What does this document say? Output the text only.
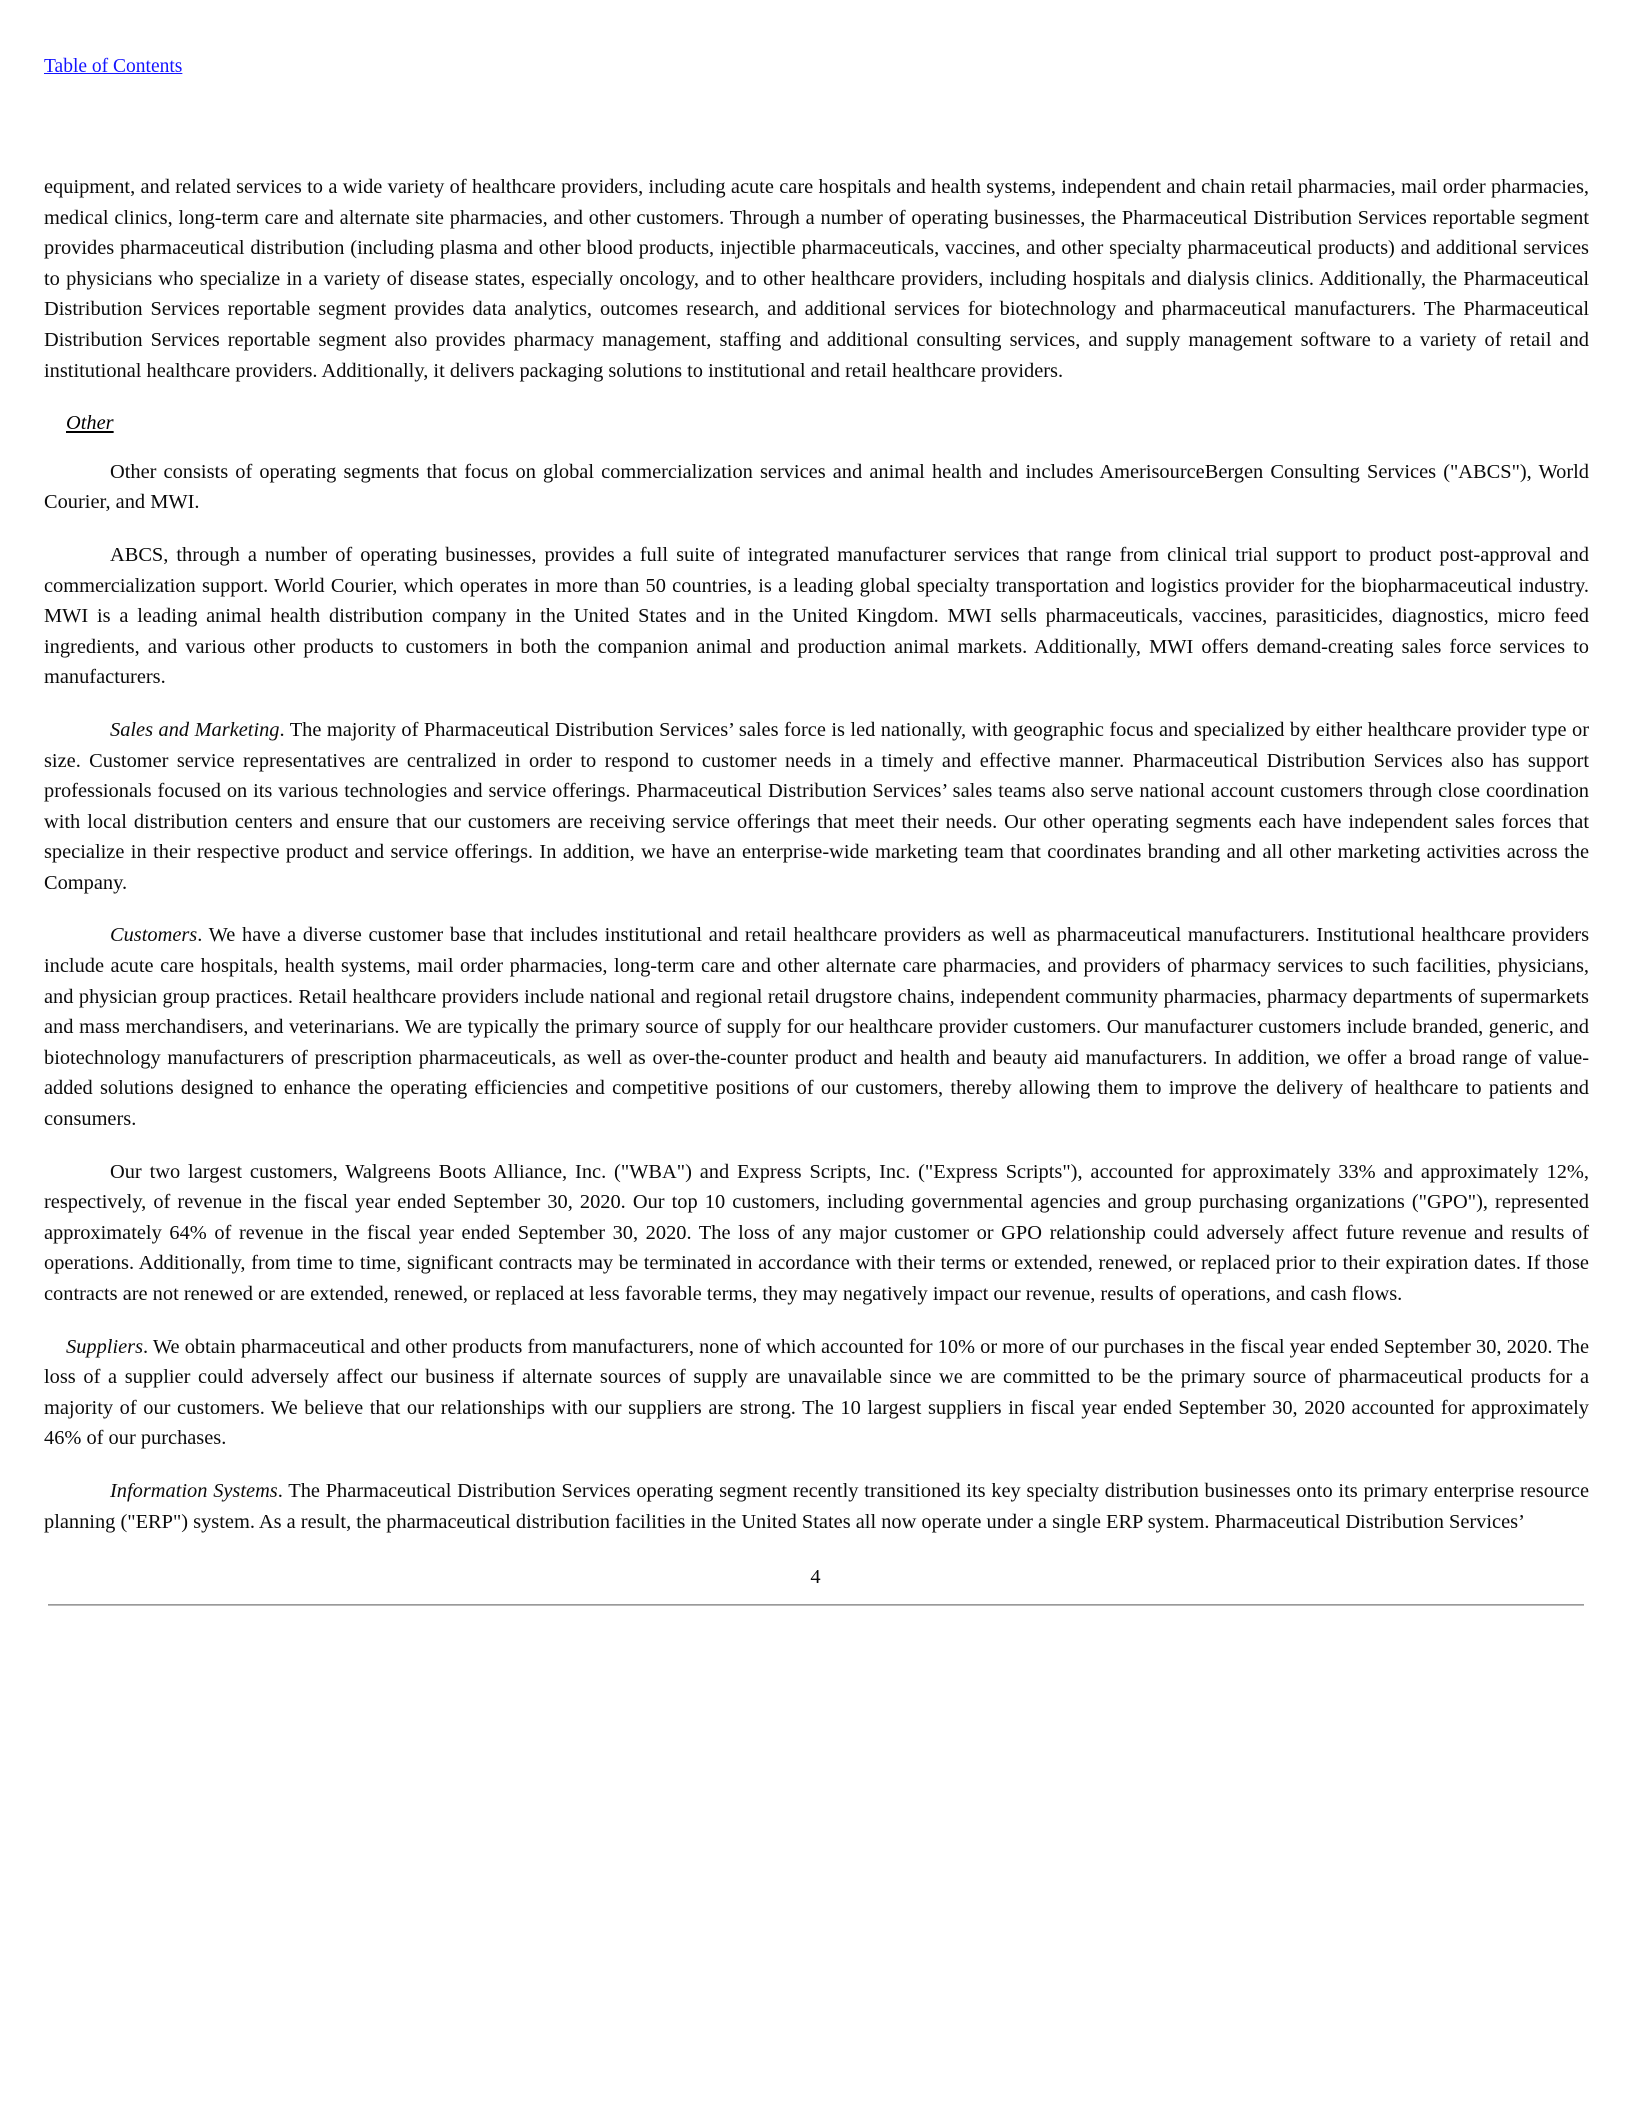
Table of Contents

equipment, and related services to a wide variety of healthcare providers, including acute care hospitals and health systems, independent and chain retail pharmacies, mail order pharmacies, medical clinics, long-term care and alternate site pharmacies, and other customers. Through a number of operating businesses, the Pharmaceutical Distribution Services reportable segment provides pharmaceutical distribution (including plasma and other blood products, injectible pharmaceuticals, vaccines, and other specialty pharmaceutical products) and additional services to physicians who specialize in a variety of disease states, especially oncology, and to other healthcare providers, including hospitals and dialysis clinics. Additionally, the Pharmaceutical Distribution Services reportable segment provides data analytics, outcomes research, and additional services for biotechnology and pharmaceutical manufacturers. The Pharmaceutical Distribution Services reportable segment also provides pharmacy management, staffing and additional consulting services, and supply management software to a variety of retail and institutional healthcare providers. Additionally, it delivers packaging solutions to institutional and retail healthcare providers.

Other

Other consists of operating segments that focus on global commercialization services and animal health and includes AmerisourceBergen Consulting Services ("ABCS"), World Courier, and MWI.

ABCS, through a number of operating businesses, provides a full suite of integrated manufacturer services that range from clinical trial support to product post-approval and commercialization support. World Courier, which operates in more than 50 countries, is a leading global specialty transportation and logistics provider for the biopharmaceutical industry. MWI is a leading animal health distribution company in the United States and in the United Kingdom. MWI sells pharmaceuticals, vaccines, parasiticides, diagnostics, micro feed ingredients, and various other products to customers in both the companion animal and production animal markets. Additionally, MWI offers demand-creating sales force services to manufacturers.

Sales and Marketing. The majority of Pharmaceutical Distribution Services’ sales force is led nationally, with geographic focus and specialized by either healthcare provider type or size. Customer service representatives are centralized in order to respond to customer needs in a timely and effective manner. Pharmaceutical Distribution Services also has support professionals focused on its various technologies and service offerings. Pharmaceutical Distribution Services’ sales teams also serve national account customers through close coordination with local distribution centers and ensure that our customers are receiving service offerings that meet their needs. Our other operating segments each have independent sales forces that specialize in their respective product and service offerings. In addition, we have an enterprise-wide marketing team that coordinates branding and all other marketing activities across the Company.

Customers. We have a diverse customer base that includes institutional and retail healthcare providers as well as pharmaceutical manufacturers. Institutional healthcare providers include acute care hospitals, health systems, mail order pharmacies, long-term care and other alternate care pharmacies, and providers of pharmacy services to such facilities, physicians, and physician group practices. Retail healthcare providers include national and regional retail drugstore chains, independent community pharmacies, pharmacy departments of supermarkets and mass merchandisers, and veterinarians. We are typically the primary source of supply for our healthcare provider customers. Our manufacturer customers include branded, generic, and biotechnology manufacturers of prescription pharmaceuticals, as well as over-the-counter product and health and beauty aid manufacturers. In addition, we offer a broad range of value-added solutions designed to enhance the operating efficiencies and competitive positions of our customers, thereby allowing them to improve the delivery of healthcare to patients and consumers.

Our two largest customers, Walgreens Boots Alliance, Inc. ("WBA") and Express Scripts, Inc. ("Express Scripts"), accounted for approximately 33% and approximately 12%, respectively, of revenue in the fiscal year ended September 30, 2020. Our top 10 customers, including governmental agencies and group purchasing organizations ("GPO"), represented approximately 64% of revenue in the fiscal year ended September 30, 2020. The loss of any major customer or GPO relationship could adversely affect future revenue and results of operations. Additionally, from time to time, significant contracts may be terminated in accordance with their terms or extended, renewed, or replaced prior to their expiration dates. If those contracts are not renewed or are extended, renewed, or replaced at less favorable terms, they may negatively impact our revenue, results of operations, and cash flows.

Suppliers. We obtain pharmaceutical and other products from manufacturers, none of which accounted for 10% or more of our purchases in the fiscal year ended September 30, 2020. The loss of a supplier could adversely affect our business if alternate sources of supply are unavailable since we are committed to be the primary source of pharmaceutical products for a majority of our customers. We believe that our relationships with our suppliers are strong. The 10 largest suppliers in fiscal year ended September 30, 2020 accounted for approximately 46% of our purchases.

Information Systems. The Pharmaceutical Distribution Services operating segment recently transitioned its key specialty distribution businesses onto its primary enterprise resource planning ("ERP") system. As a result, the pharmaceutical distribution facilities in the United States all now operate under a single ERP system. Pharmaceutical Distribution Services’

4
